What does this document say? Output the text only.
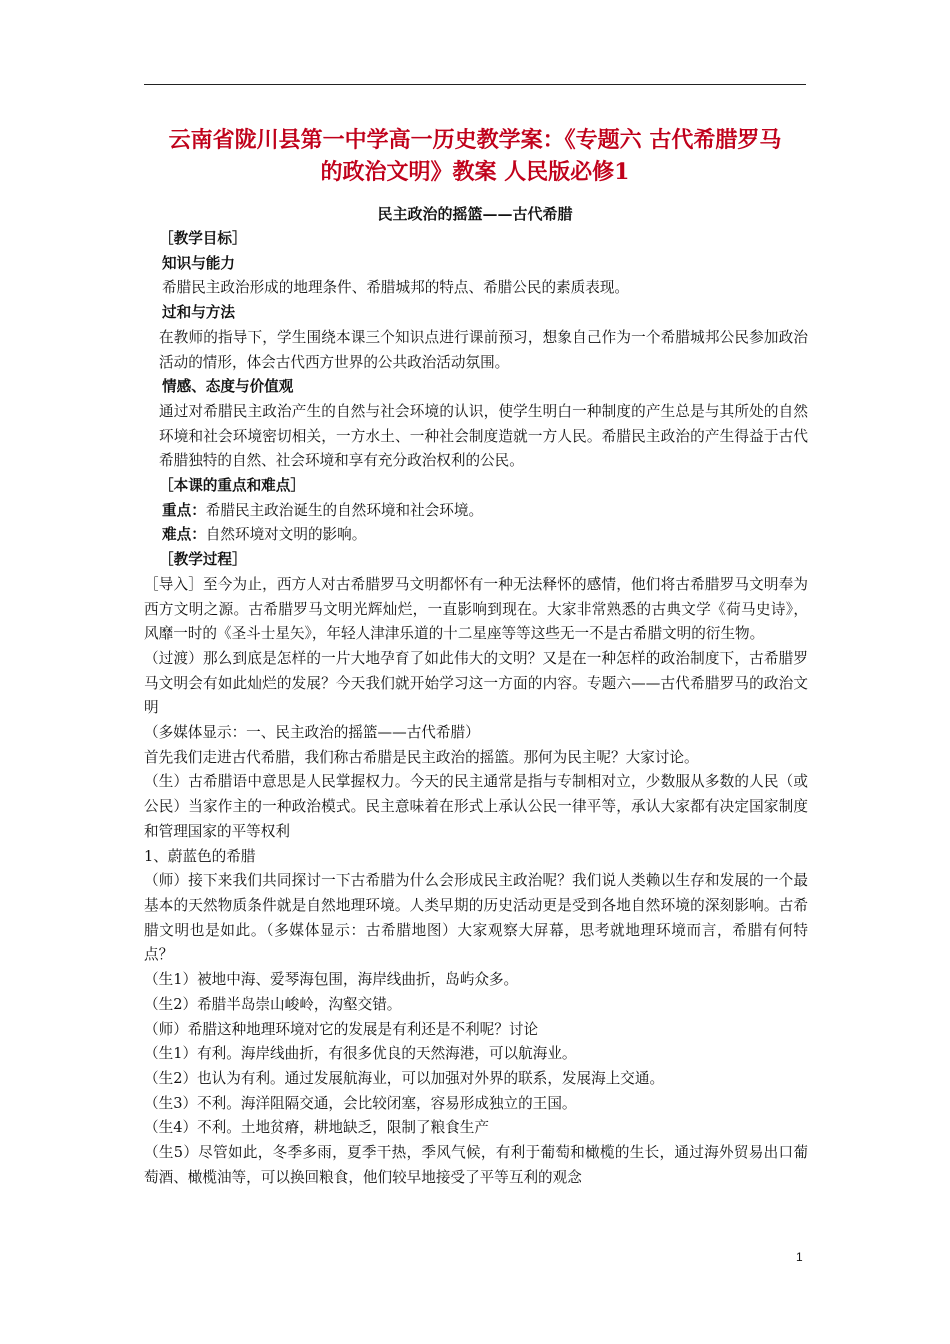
云南省陇川县第一中学高一历史教学案：《专题六 古代希腊罗马
的政治文明》教案 人民版必修1
民主政治的摇篮——古代希腊

［教学目标］

知识与能力

希腊民主政治形成的地理条件、希腊城邦的特点、希腊公民的素质表现。

过和与方法

在教师的指导下，学生围绕本课三个知识点进行课前预习，想象自己作为一个希腊城邦公民参加政治活动的情形，体会古代西方世界的公共政治活动氛围。

情感、态度与价值观

通过对希腊民主政治产生的自然与社会环境的认识，使学生明白一种制度的产生总是与其所处的自然环境和社会环境密切相关，一方水土、一种社会制度造就一方人民。希腊民主政治的产生得益于古代希腊独特的自然、社会环境和享有充分政治权利的公民。

［本课的重点和难点］

重点：希腊民主政治诞生的自然环境和社会环境。

难点：自然环境对文明的影响。

［教学过程］

［导入］至今为止，西方人对古希腊罗马文明都怀有一种无法释怀的感情，他们将古希腊罗马文明奉为西方文明之源。古希腊罗马文明光辉灿烂，一直影响到现在。大家非常熟悉的古典文学《荷马史诗》，风靡一时的《圣斗士星矢》，年轻人津津乐道的十二星座等等这些无一不是古希腊文明的衍生物。

（过渡）那么到底是怎样的一片大地孕育了如此伟大的文明？又是在一种怎样的政治制度下，古希腊罗马文明会有如此灿烂的发展？今天我们就开始学习这一方面的内容。专题六——古代希腊罗马的政治文明

（多媒体显示：一、民主政治的摇篮——古代希腊）

首先我们走进古代希腊，我们称古希腊是民主政治的摇篮。那何为民主呢？大家讨论。

（生）古希腊语中意思是人民掌握权力。今天的民主通常是指与专制相对立，少数服从多数的人民（或公民）当家作主的一种政治模式。民主意味着在形式上承认公民一律平等，承认大家都有决定国家制度和管理国家的平等权利

1、蔚蓝色的希腊

（师）接下来我们共同探讨一下古希腊为什么会形成民主政治呢？我们说人类赖以生存和发展的一个最基本的天然物质条件就是自然地理环境。人类早期的历史活动更是受到各地自然环境的深刻影响。古希腊文明也是如此。（多媒体显示：古希腊地图）大家观察大屏幕，思考就地理环境而言，希腊有何特点？

（生1）被地中海、爱琴海包围，海岸线曲折，岛屿众多。

（生2）希腊半岛崇山峻岭，沟壑交错。

（师）希腊这种地理环境对它的发展是有利还是不利呢？讨论

（生1）有利。海岸线曲折，有很多优良的天然海港，可以航海业。

（生2）也认为有利。通过发展航海业，可以加强对外界的联系，发展海上交通。

（生3）不利。海洋阻隔交通，会比较闭塞，容易形成独立的王国。

（生4）不利。土地贫瘠，耕地缺乏，限制了粮食生产

（生5）尽管如此，冬季多雨，夏季干热，季风气候，有利于葡萄和橄榄的生长，通过海外贸易出口葡萄酒、橄榄油等，可以换回粮食，他们较早地接受了平等互利的观念

1
